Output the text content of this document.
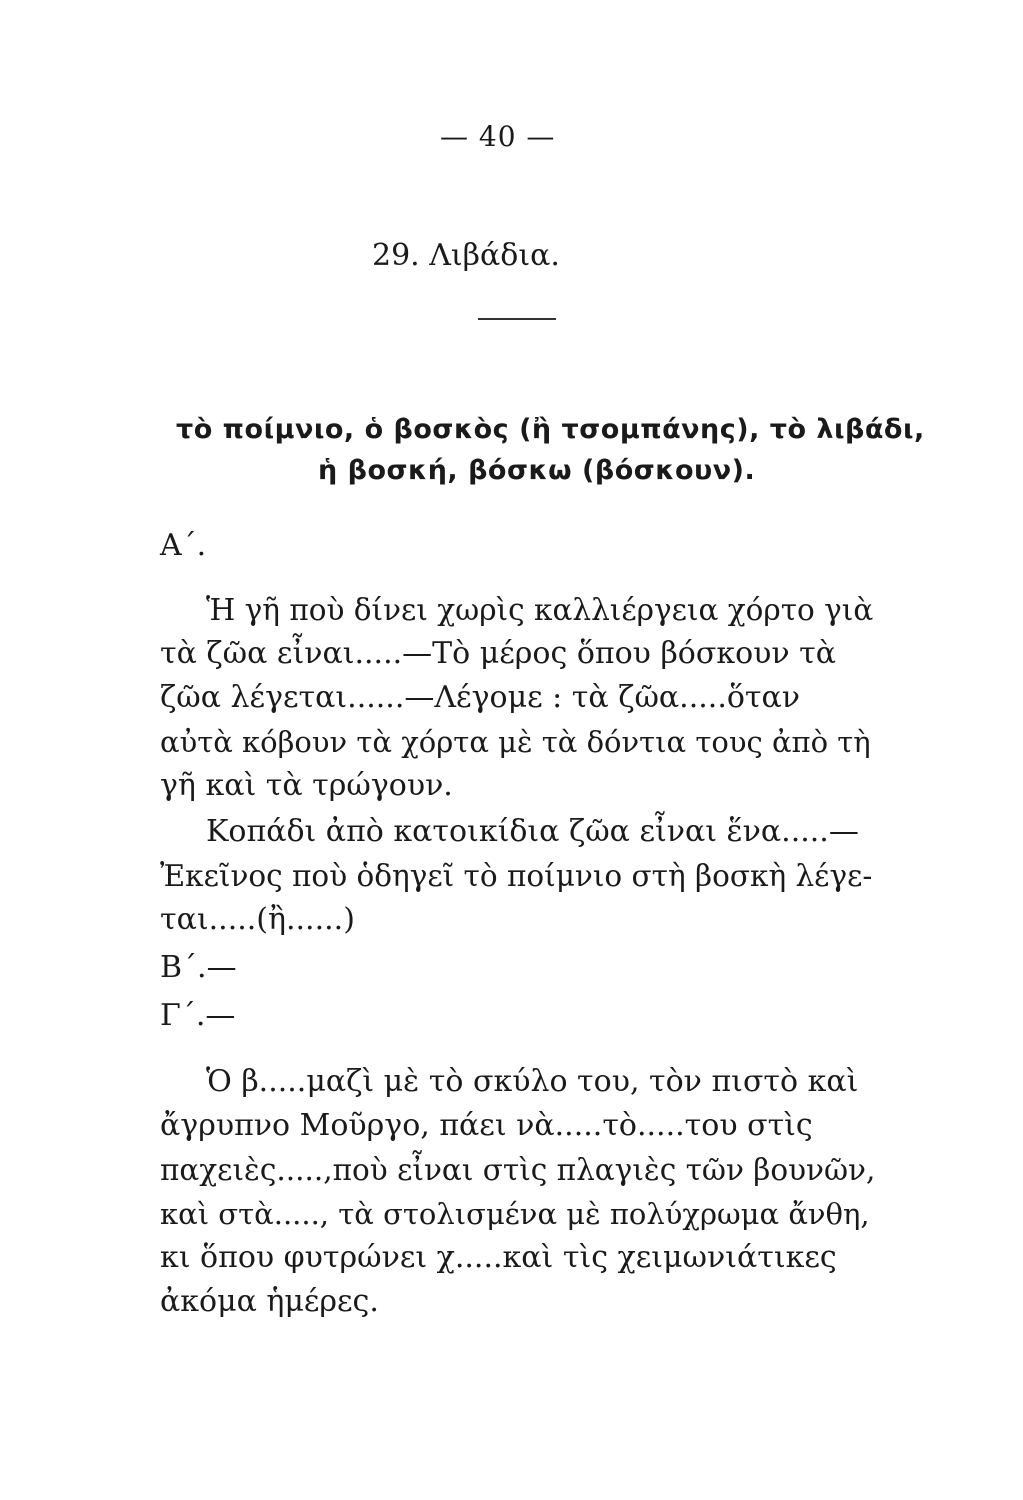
— 40 —
29. Λιβάδια.
τὸ ποίμνιο, ὁ βοσκὸς (ἢ τσομπάνης), τὸ λιβάδι,
ἡ βοσκή, βόσκω (βόσκουν).
Α΄.
Ἡ γῆ ποὺ δίνει χωρὶς καλλιέργεια χόρτο γιὰ
τὰ ζῶα εἶναι.....—Τὸ μέρος ὅπου βόσκουν τὰ
ζῶα λέγεται......—Λέγομε : τὰ ζῶα.....ὅταν
αὐτὰ κόβουν τὰ χόρτα μὲ τὰ δόντια τους ἀπὸ τὴ
γῆ καὶ τὰ τρώγουν.
Κοπάδι ἀπὸ κατοικίδια ζῶα εἶναι ἕνα.....—
Ἐκεῖνος ποὺ ὁδηγεῖ τὸ ποίμνιο στὴ βοσκὴ λέγε-
ται.....(ἢ......)
Β΄.—
Γ΄.—
Ὁ β.....μαζὶ μὲ τὸ σκύλο του, τὸν πιστὸ καὶ
ἄγρυπνο Μοῦργο, πάει νὰ.....τὸ.....του στὶς
παχειὲς.....,ποὺ εἶναι στὶς πλαγιὲς τῶν βουνῶν,
καὶ στὰ....., τὰ στολισμένα μὲ πολύχρωμα ἄνθη,
κι ὅπου φυτρώνει χ.....καὶ τὶς χειμωνιάτικες
ἀκόμα ἡμέρες.
